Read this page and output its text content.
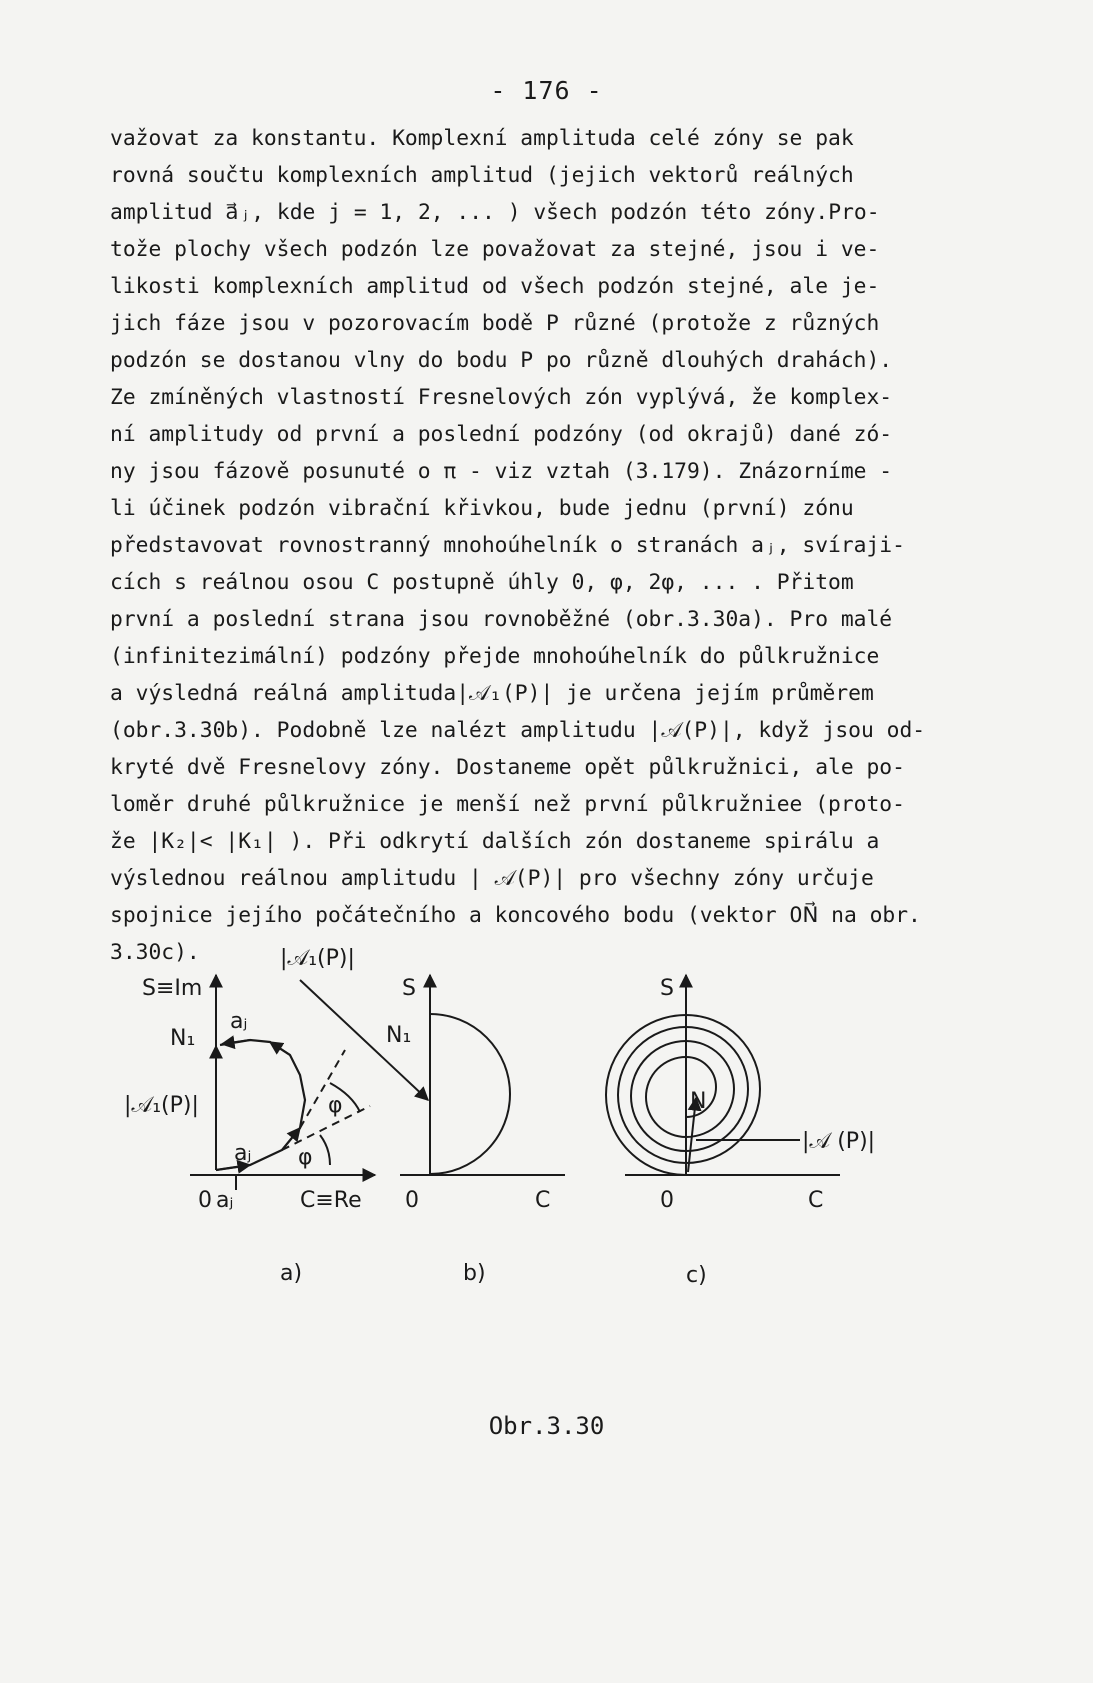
- 176 -
važovat za konstantu. Komplexní amplituda celé zóny se pak
rovná součtu komplexních amplitud (jejich vektorů reálných
amplitud a⃗ⱼ, kde j = 1, 2, ... ) všech podzón této zóny.Pro-
tože plochy všech podzón lze považovat za stejné, jsou i ve-
likosti komplexních amplitud od všech podzón stejné, ale je-
jich fáze jsou v pozorovacím bodě P různé (protože z různých
podzón se dostanou vlny do bodu P po různě dlouhých drahách).
Ze zmíněných vlastností Fresnelových zón vyplývá, že komplex-
ní amplitudy od první a poslední podzóny (od okrajů) dané zó-
ny jsou fázově posunuté o π - viz vztah (3.179). Znázorníme -
li účinek podzón vibrační křivkou, bude jednu (první) zónu
představovat rovnostranný mnohoúhelník o stranách aⱼ, svíraji-
cích s reálnou osou C postupně úhly 0, φ, 2φ, ... . Přitom
první a poslední strana jsou rovnoběžné (obr.3.30a). Pro malé
(infinitezimální) podzóny přejde mnohoúhelník do půlkružnice
a výsledná reálná amplituda|𝒜₁(P)| je určena jejím průměrem
(obr.3.30b). Podobně lze nalézt amplitudu |𝒜(P)|, když jsou od-
kryté dvě Fresnelovy zóny. Dostaneme opět půlkružnici, ale po-
loměr druhé půlkružnice je menší než první půlkružniee (proto-
že |K₂|< |K₁| ). Při odkrytí dalších zón dostaneme spirálu a
výslednou reálnou amplitudu | 𝒜(P)| pro všechny zóny určuje
spojnice jejího počátečního a koncového bodu (vektor ON⃗ na obr.
3.30c).
S≡Im
N₁
aⱼ
|𝒜₁(P)|
aⱼ
φ
φ
0 aⱼ	C≡Re
a)
|𝒜₁(P)|
S
N₁
0	C
b)
S
N
|𝒜 (P)|
0	C
c)
Obr.3.30
